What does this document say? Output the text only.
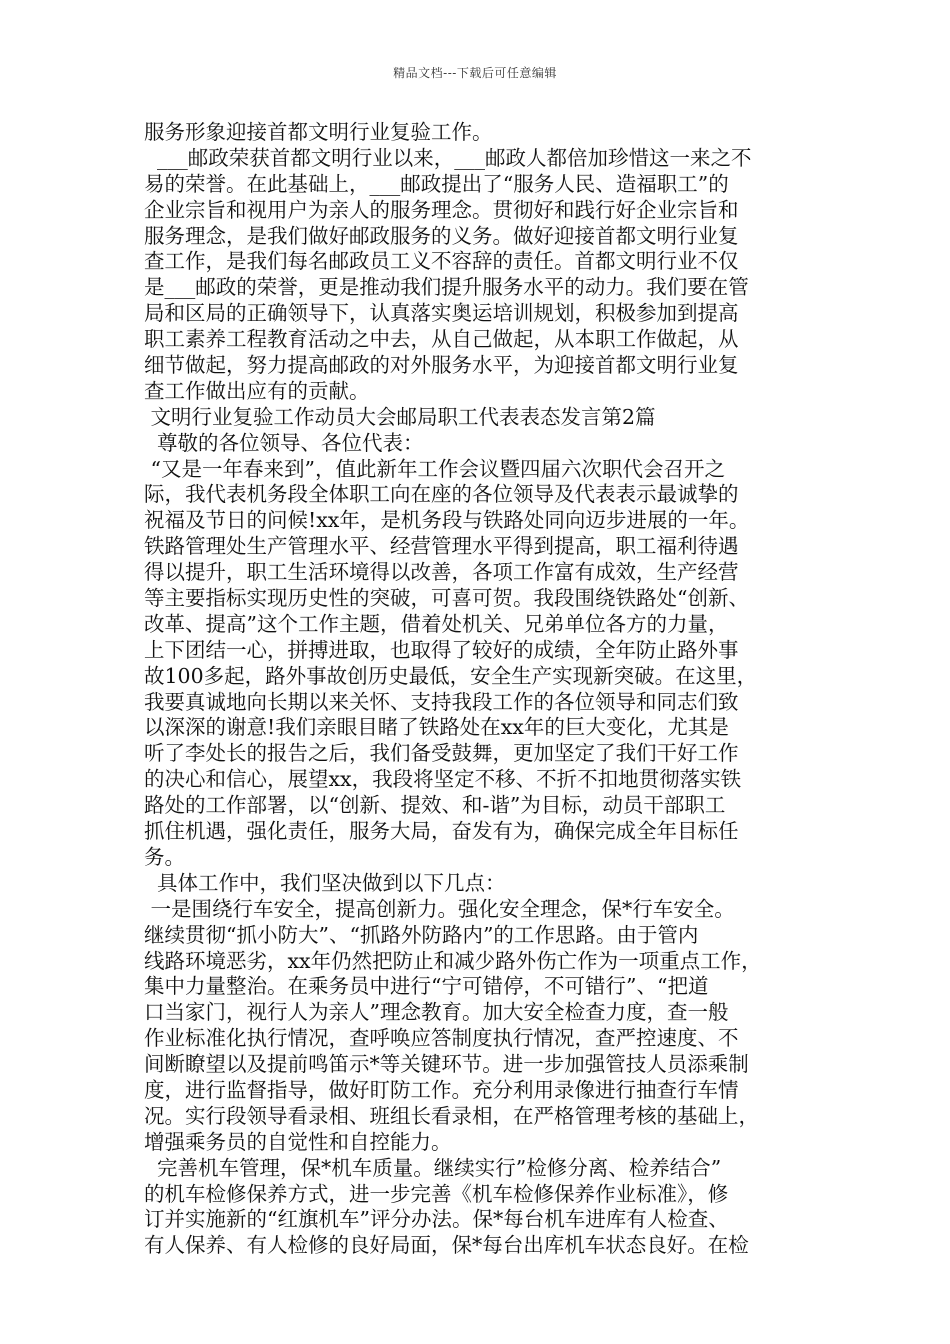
精品文档---下载后可任意编辑
服务形象迎接首都文明行业复验工作。
___邮政荣获首都文明行业以来，___邮政人都倍加珍惜这一来之不
易的荣誉。在此基础上，___邮政提出了“服务人民、造福职工”的
企业宗旨和视用户为亲人的服务理念。贯彻好和践行好企业宗旨和
服务理念，是我们做好邮政服务的义务。做好迎接首都文明行业复
查工作，是我们每名邮政员工义不容辞的责任。首都文明行业不仅
是___邮政的荣誉，更是推动我们提升服务水平的动力。我们要在管
局和区局的正确领导下，认真落实奥运培训规划，积极参加到提高
职工素养工程教育活动之中去，从自己做起，从本职工作做起，从
细节做起，努力提高邮政的对外服务水平，为迎接首都文明行业复
查工作做出应有的贡献。
文明行业复验工作动员大会邮局职工代表表态发言第2篇
尊敬的各位领导、各位代表：
“又是一年春来到”，值此新年工作会议暨四届六次职代会召开之
际，我代表机务段全体职工向在座的各位领导及代表表示最诚挚的
祝福及节日的问候!xx年，是机务段与铁路处同向迈步进展的一年。
铁路管理处生产管理水平、经营管理水平得到提高，职工福利待遇
得以提升，职工生活环境得以改善，各项工作富有成效，生产经营
等主要指标实现历史性的突破，可喜可贺。我段围绕铁路处“创新、
改革、提高”这个工作主题，借着处机关、兄弟单位各方的力量，
上下团结一心，拼搏进取，也取得了较好的成绩，全年防止路外事
故100多起，路外事故创历史最低，安全生产实现新突破。在这里，
我要真诚地向长期以来关怀、支持我段工作的各位领导和同志们致
以深深的谢意!我们亲眼目睹了铁路处在xx年的巨大变化，尤其是
听了李处长的报告之后，我们备受鼓舞，更加坚定了我们干好工作
的决心和信心，展望xx，我段将坚定不移、不折不扣地贯彻落实铁
路处的工作部署，以“创新、提效、和-谐”为目标，动员干部职工
抓住机遇，强化责任，服务大局，奋发有为，确保完成全年目标任
务。
具体工作中，我们坚决做到以下几点：
一是围绕行车安全，提高创新力。强化安全理念，保*行车安全。
继续贯彻“抓小防大”、“抓路外防路内”的工作思路。由于管内
线路环境恶劣，xx年仍然把防止和减少路外伤亡作为一项重点工作，
集中力量整治。在乘务员中进行“宁可错停，不可错行”、“把道
口当家门，视行人为亲人”理念教育。加大安全检查力度，查一般
作业标准化执行情况，查呼唤应答制度执行情况，查严控速度、不
间断瞭望以及提前鸣笛示*等关键环节。进一步加强管技人员添乘制
度，进行监督指导，做好盯防工作。充分利用录像进行抽查行车情
况。实行段领导看录相、班组长看录相，在严格管理考核的基础上，
增强乘务员的自觉性和自控能力。
完善机车管理，保*机车质量。继续实行”检修分离、检养结合”
的机车检修保养方式，进一步完善《机车检修保养作业标准》，修
订并实施新的“红旗机车”评分办法。保*每台机车进库有人检查、
有人保养、有人检修的良好局面，保*每台出库机车状态良好。在检
